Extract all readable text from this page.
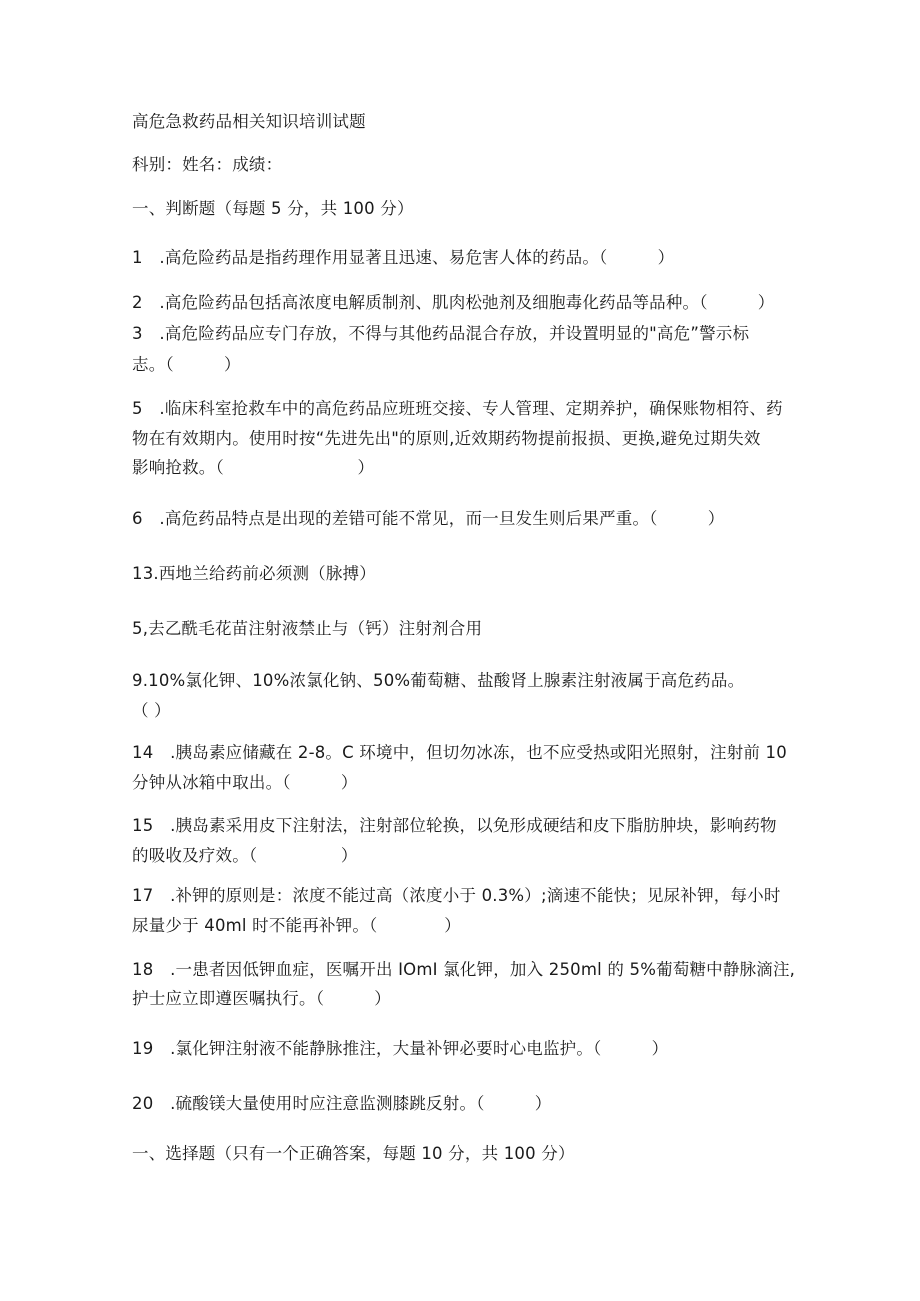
高危急救药品相关知识培训试题
科别：姓名：成绩：
一、判断题（每题 5 分，共 100 分）
1　.高危险药品是指药理作用显著且迅速、易危害人体的药品。（　　　）
2　.高危险药品包括高浓度电解质制剂、肌肉松弛剂及细胞毒化药品等品种。（　　　）
3　.高危险药品应专门存放，不得与其他药品混合存放，并设置明显的"高危”警示标
志。（　　　）
5　.临床科室抢救车中的高危药品应班班交接、专人管理、定期养护，确保账物相符、药
物在有效期内。使用时按“先进先出"的原则,近效期药物提前报损、更换,避免过期失效
影响抢救。（　　　　　　　　）
6　.高危药品特点是出现的差错可能不常见，而一旦发生则后果严重。（　　　）
13.西地兰给药前必须测（脉搏）
5,去乙酰毛花苗注射液禁止与（钙）注射剂合用
9.10%氯化钾、10%浓氯化钠、50%葡萄糖、盐酸肾上腺素注射液属于高危药品。
（ ）
14　.胰岛素应储藏在 2-8。C 环境中，但切勿冰冻，也不应受热或阳光照射，注射前 10
分钟从冰箱中取出。（　　　）
15　.胰岛素采用皮下注射法，注射部位轮换，以免形成硬结和皮下脂肪肿块，影响药物
的吸收及疗效。（　　　　　）
17　.补钾的原则是：浓度不能过高（浓度小于 0.3%）;滴速不能快；见尿补钾，每小时
尿量少于 40ml 时不能再补钾。（　　　　）
18　.一患者因低钾血症，医嘱开出 IOmI 氯化钾，加入 250ml 的 5%葡萄糖中静脉滴注,
护士应立即遵医嘱执行。（　　　）
19　.氯化钾注射液不能静脉推注，大量补钾必要时心电监护。（　　　）
20　.硫酸镁大量使用时应注意监测膝跳反射。（　　　）
一、选择题（只有一个正确答案，每题 10 分，共 100 分）
